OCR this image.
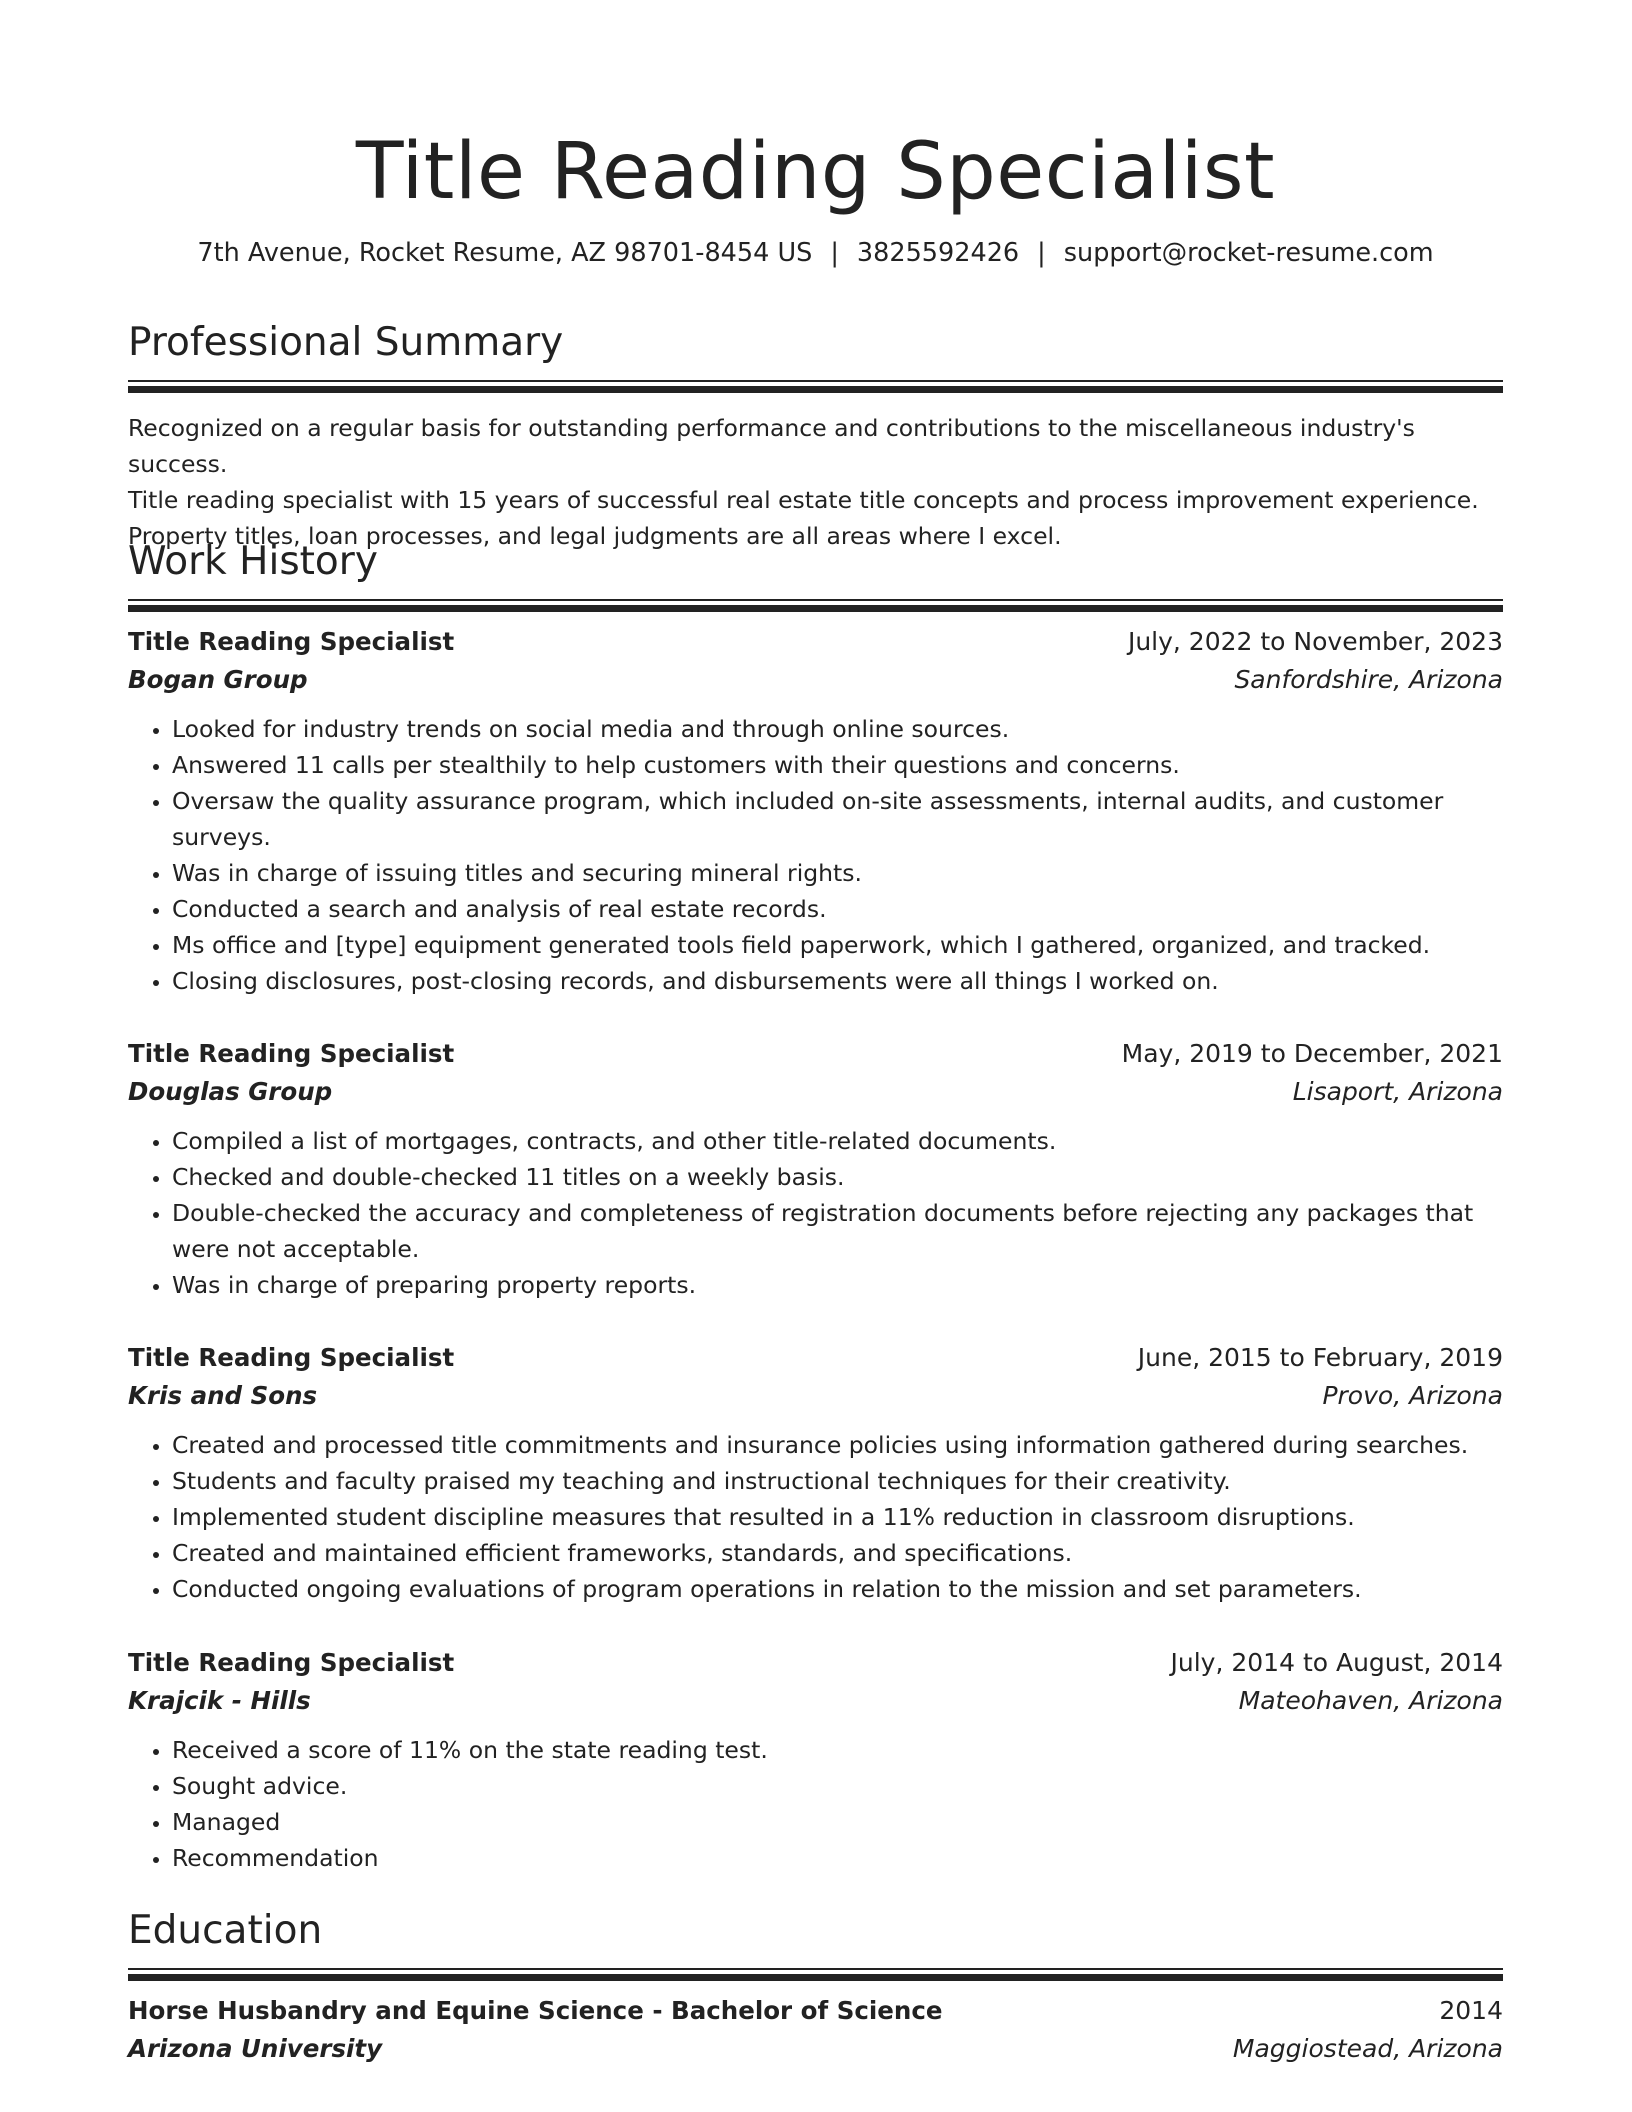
Title Reading Specialist
7th Avenue, Rocket Resume, AZ 98701-8454 US | 3825592426 | support@rocket-resume.com
Professional Summary

Recognized on a regular basis for outstanding performance and contributions to the miscellaneous industry's success.

Title reading specialist with 15 years of successful real estate title concepts and process improvement experience.

Property titles, loan processes, and legal judgments are all areas where I excel.

Work History
Title Reading Specialist	July, 2022 to November, 2023
Bogan Group	Sanfordshire, Arizona
• Looked for industry trends on social media and through online sources.
• Answered 11 calls per stealthily to help customers with their questions and concerns.
• Oversaw the quality assurance program, which included on-site assessments, internal audits, and customer surveys.
• Was in charge of issuing titles and securing mineral rights.
• Conducted a search and analysis of real estate records.
• Ms office and [type] equipment generated tools field paperwork, which I gathered, organized, and tracked.
• Closing disclosures, post-closing records, and disbursements were all things I worked on.
Title Reading Specialist	May, 2019 to December, 2021
Douglas Group	Lisaport, Arizona
• Compiled a list of mortgages, contracts, and other title-related documents.
• Checked and double-checked 11 titles on a weekly basis.
• Double-checked the accuracy and completeness of registration documents before rejecting any packages that were not acceptable.
• Was in charge of preparing property reports.
Title Reading Specialist	June, 2015 to February, 2019
Kris and Sons	Provo, Arizona
• Created and processed title commitments and insurance policies using information gathered during searches.
• Students and faculty praised my teaching and instructional techniques for their creativity.
• Implemented student discipline measures that resulted in a 11% reduction in classroom disruptions.
• Created and maintained efficient frameworks, standards, and specifications.
• Conducted ongoing evaluations of program operations in relation to the mission and set parameters.
Title Reading Specialist	July, 2014 to August, 2014
Krajcik - Hills	Mateohaven, Arizona
• Received a score of 11% on the state reading test.
• Sought advice.
• Managed
• Recommendation
Education
Horse Husbandry and Equine Science - Bachelor of Science	2014
Arizona University	Maggiostead, Arizona
